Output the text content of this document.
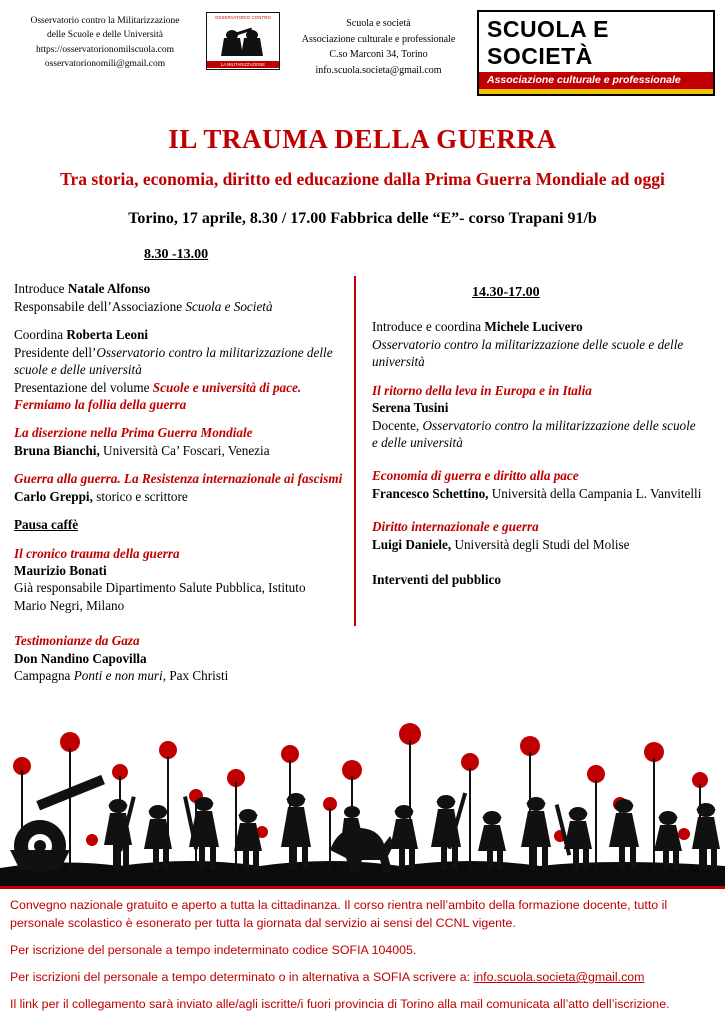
Osservatorio contro la Militarizzazione
delle Scuole e delle Università
https://osservatorionomilscuola.com
osservatorionomili@gmail.com
OSSERVATORIO CONTRO
LA MILITARIZZAZIONE
Scuola e società
Associazione culturale e professionale
C.so Marconi 34, Torino
info.scuola.societa@gmail.com
SCUOLA E SOCIETÀ
Associazione culturale e professionale
IL TRAUMA DELLA GUERRA
Tra storia, economia, diritto ed educazione dalla Prima Guerra Mondiale ad oggi
Torino, 17 aprile, 8.30 / 17.00 Fabbrica delle “E”- corso Trapani 91/b
8.30 -13.00

Introduce Natale Alfonso

Responsabile dell’Associazione Scuola e Società

Coordina Roberta Leoni

Presidente dell’Osservatorio contro la militarizzazione delle scuole e delle università

Presentazione del volume Scuole e università di pace. Fermiamo la follia della guerra

La diserzione nella Prima Guerra Mondiale

Bruna Bianchi, Università Ca’ Foscari, Venezia

Guerra alla guerra. La Resistenza internazionale ai fascismi

Carlo Greppi, storico e scrittore

Pausa caffè

Il cronico trauma della guerra

Maurizio Bonati

Già responsabile Dipartimento Salute Pubblica, Istituto

Mario Negri, Milano

Testimonianze da Gaza

Don Nandino Capovilla

Campagna Ponti e non muri, Pax Christi

14.30-17.00

Introduce e coordina Michele Lucivero

Osservatorio contro la militarizzazione delle scuole e delle università

Il ritorno della leva in Europa e in Italia

Serena Tusini

Docente, Osservatorio contro la militarizzazione delle scuole e delle università

Economia di guerra e diritto alla pace

Francesco Schettino, Università della Campania L. Vanvitelli

Diritto internazionale e guerra

Luigi Daniele, Università degli Studi del Molise

Interventi del pubblico

Convegno nazionale gratuito e aperto a tutta la cittadinanza. Il corso rientra nell’ambito della formazione docente, tutto il personale scolastico è esonerato per tutta la giornata dal servizio ai sensi del CCNL vigente.

Per iscrizione del personale a tempo indeterminato codice SOFIA 104005.

Per iscrizioni del personale a tempo determinato o in alternativa a SOFIA scrivere a: info.scuola.societa@gmail.com

Il link per il collegamento sarà inviato alle/agli iscritte/i fuori provincia di Torino alla mail comunicata all’atto dell’iscrizione.
